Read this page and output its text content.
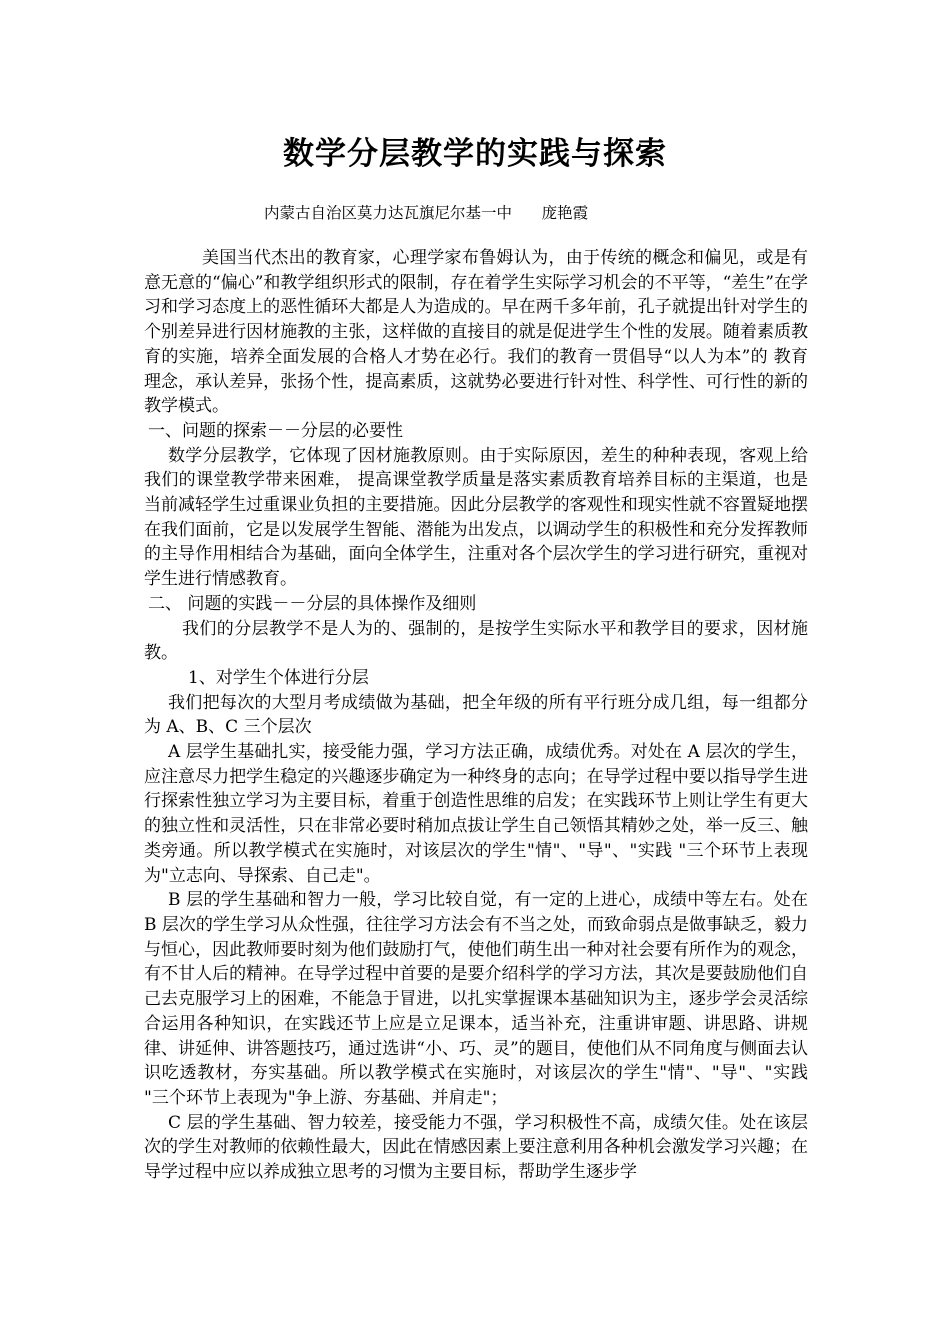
数学分层教学的实践与探索
内蒙古自治区莫力达瓦旗尼尔基一中 庞艳霞

美国当代杰出的教育家，心理学家布鲁姆认为，由于传统的概念和偏见，或是有意无意的“偏心”和教学组织形式的限制，存在着学生实际学习机会的不平等，“差生”在学习和学习态度上的恶性循环大都是人为造成的。早在两千多年前，孔子就提出针对学生的个别差异进行因材施教的主张，这样做的直接目的就是促进学生个性的发展。随着素质教育的实施，培养全面发展的合格人才势在必行。我们的教育一贯倡导“以人为本”的 教育理念，承认差异，张扬个性，提高素质，这就势必要进行针对性、科学性、可行性的新的教学模式。

一、问题的探索－－分层的必要性

数学分层教学，它体现了因材施教原则。由于实际原因，差生的种种表现，客观上给我们的课堂教学带来困难， 提高课堂教学质量是落实素质教育培养目标的主渠道，也是当前减轻学生过重课业负担的主要措施。因此分层教学的客观性和现实性就不容置疑地摆在我们面前，它是以发展学生智能、潜能为出发点，以调动学生的积极性和充分发挥教师的主导作用相结合为基础，面向全体学生，注重对各个层次学生的学习进行研究，重视对学生进行情感教育。

二、 问题的实践－－分层的具体操作及细则

我们的分层教学不是人为的、强制的，是按学生实际水平和教学目的要求，因材施教。

1、对学生个体进行分层

我们把每次的大型月考成绩做为基础，把全年级的所有平行班分成几组，每一组都分为 A、B、C 三个层次

A 层学生基础扎实，接受能力强，学习方法正确，成绩优秀。对处在 A 层次的学生，应注意尽力把学生稳定的兴趣逐步确定为一种终身的志向；在导学过程中要以指导学生进行探索性独立学习为主要目标，着重于创造性思维的启发；在实践环节上则让学生有更大的独立性和灵活性，只在非常必要时稍加点拔让学生自己领悟其精妙之处，举一反三、触类旁通。所以教学模式在实施时，对该层次的学生"情"、"导"、"实践 "三个环节上表现为"立志向、导探索、自己走"。

B 层的学生基础和智力一般，学习比较自觉，有一定的上进心，成绩中等左右。处在 B 层次的学生学习从众性强，往往学习方法会有不当之处，而致命弱点是做事缺乏，毅力与恒心，因此教师要时刻为他们鼓励打气，使他们萌生出一种对社会要有所作为的观念，有不甘人后的精神。在导学过程中首要的是要介绍科学的学习方法，其次是要鼓励他们自己去克服学习上的困难，不能急于冒进，以扎实掌握课本基础知识为主，逐步学会灵活综合运用各种知识，在实践还节上应是立足课本，适当补充，注重讲审题、讲思路、讲规律、讲延伸、讲答题技巧，通过选讲“小、巧、灵”的题目，使他们从不同角度与侧面去认识吃透教材，夯实基础。所以教学模式在实施时，对该层次的学生"情"、"导"、"实践 "三个环节上表现为"争上游、夯基础、并肩走"；

C 层的学生基础、智力较差，接受能力不强，学习积极性不高，成绩欠佳。处在该层次的学生对教师的依赖性最大，因此在情感因素上要注意利用各种机会激发学习兴趣；在导学过程中应以养成独立思考的习惯为主要目标，帮助学生逐步学
